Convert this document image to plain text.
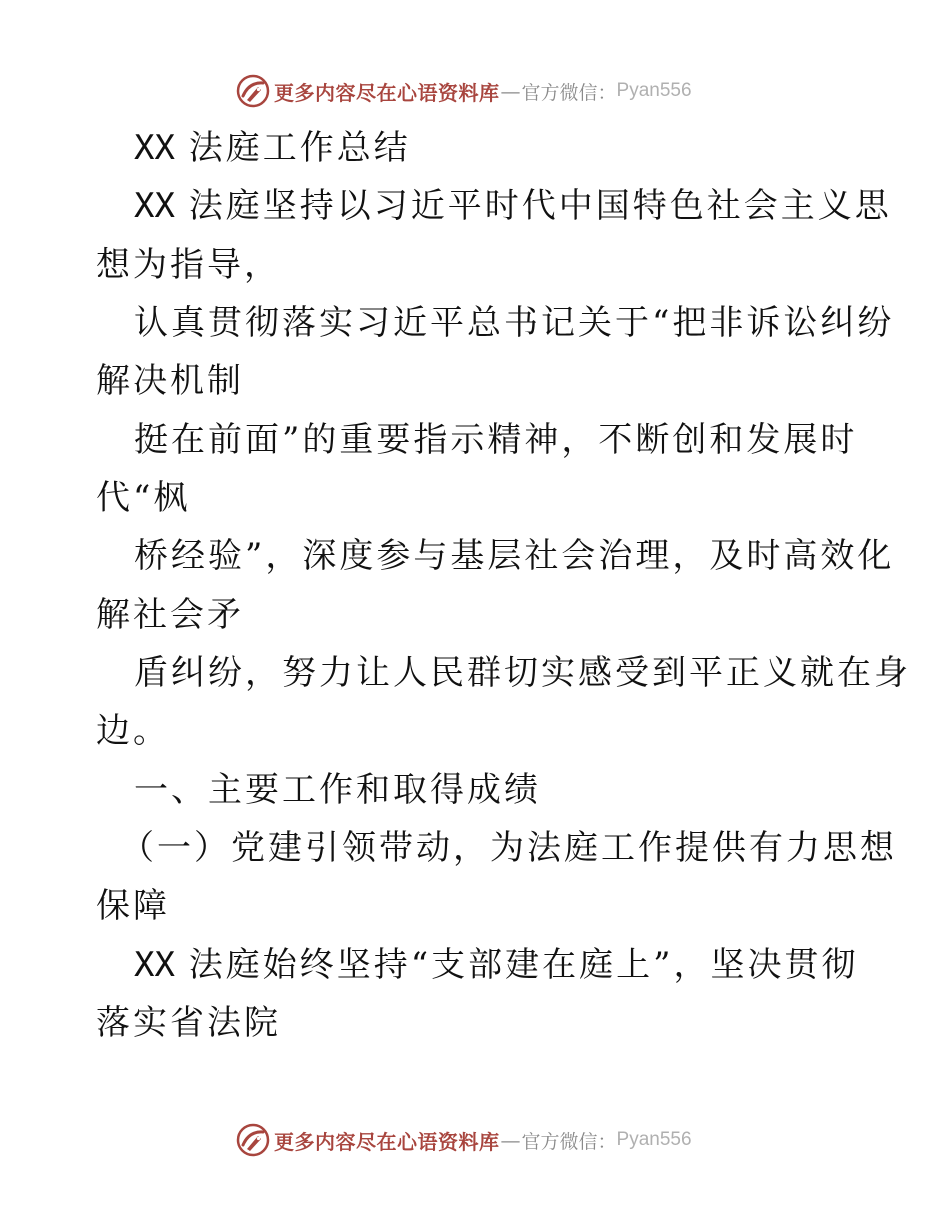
更多内容尽在心语资料库 — 官方微信： Pyan556
XX 法庭工作总结
XX 法庭坚持以习近平时代中国特色社会主义思
想为指导，
认真贯彻落实习近平总书记关于“把非诉讼纠纷
解决机制
挺在前面”的重要指示精神，不断创和发展时
代“枫
桥经验”，深度参与基层社会治理，及时高效化
解社会矛
盾纠纷，努力让人民群切实感受到平正义就在身
边。
一、主要工作和取得成绩
（一）党建引领带动，为法庭工作提供有力思想
保障
XX 法庭始终坚持“支部建在庭上”，坚决贯彻
落实省法院
更多内容尽在心语资料库 — 官方微信： Pyan556
